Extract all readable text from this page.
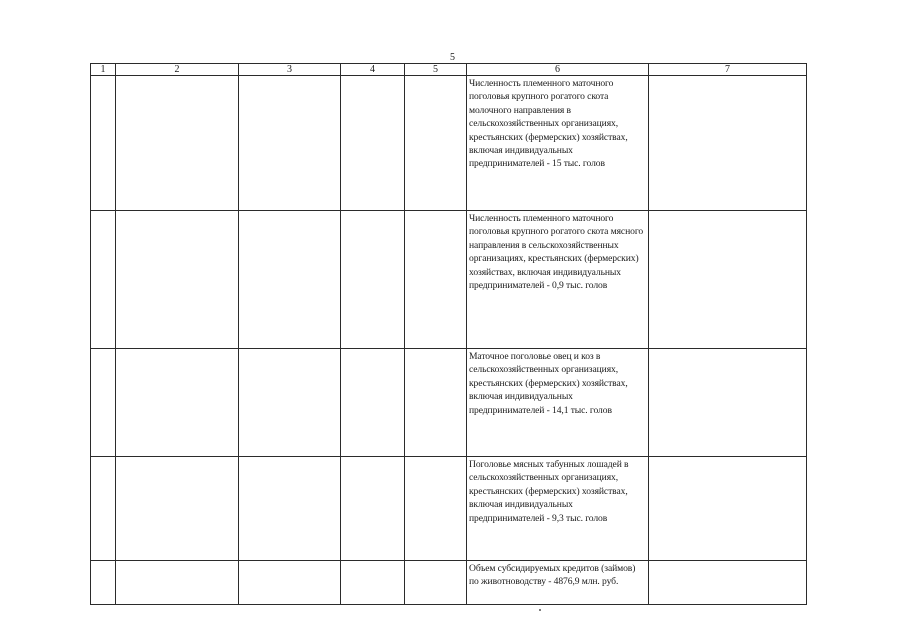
5
1	2	3	4	5	6	7
					Численность племенного маточного поголовья крупного рогатого скота молочного направления в сельскохозяйственных организациях, крестьянских (фермерских) хозяйствах, включая индивидуальных предпринимателей - 15 тыс. голов	
					Численность племенного маточного поголовья крупного рогатого скота мясного направления в сельскохозяйственных организациях, крестьянских (фермерских) хозяйствах, включая индивидуальных предпринимателей - 0,9 тыс. голов	
					Маточное поголовье овец и коз в сельскохозяйственных организациях, крестьянских (фермерских) хозяйствах, включая индивидуальных предпринимателей - 14,1 тыс. голов	
					Поголовье мясных табунных лошадей в сельскохозяйственных организациях, крестьянских (фермерских) хозяйствах, включая индивидуальных предпринимателей - 9,3 тыс. голов	
					Объем субсидируемых кредитов (займов) по животноводству - 4876,9 млн. руб.	
